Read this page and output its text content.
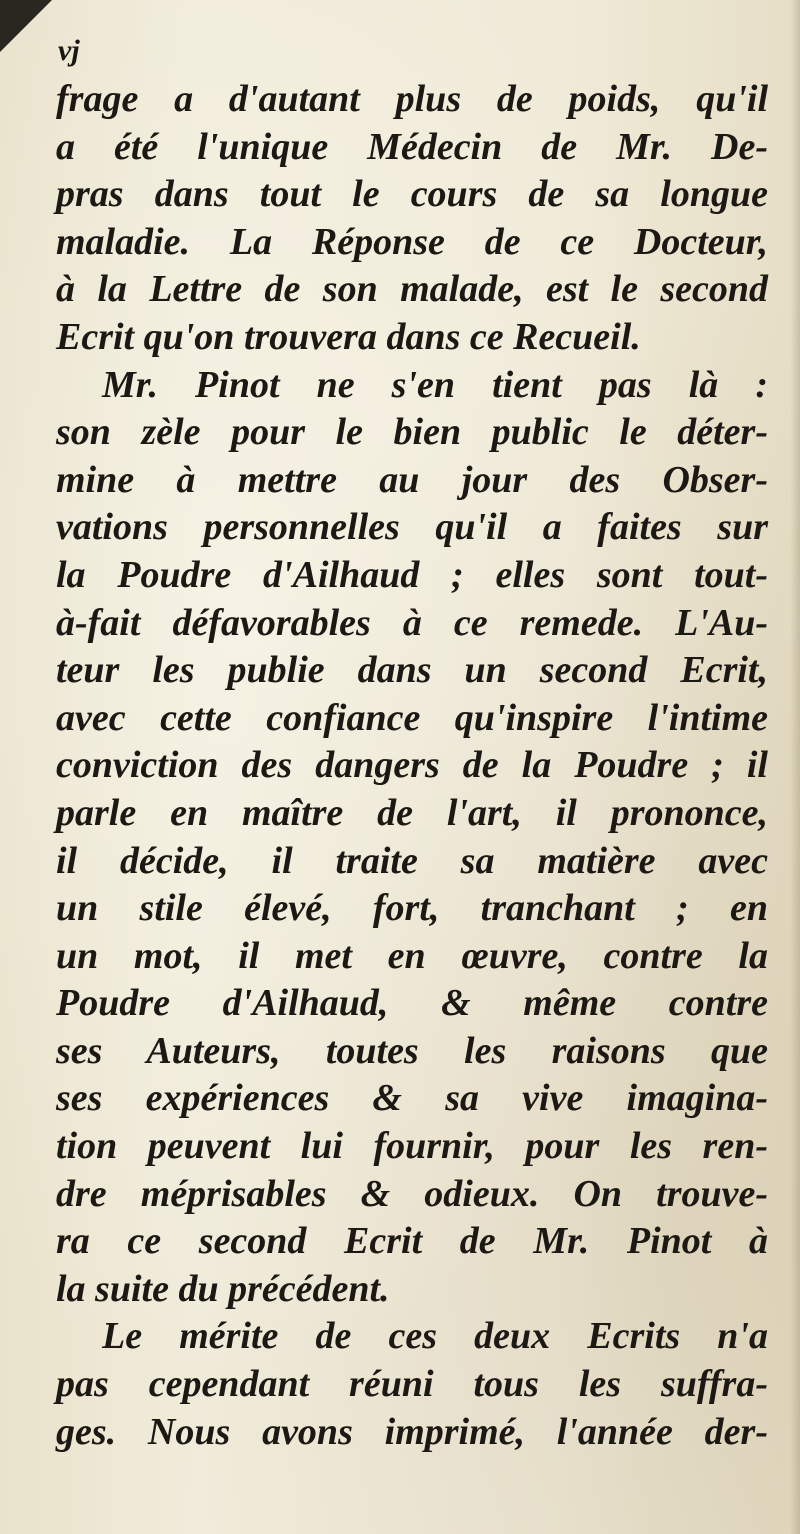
vj
frage a d'autant plus de poids, qu'il
a été l'unique Médecin de Mr. De-
pras dans tout le cours de sa longue
maladie. La Réponse de ce Docteur,
à la Lettre de son malade, est le second
Ecrit qu'on trouvera dans ce Recueil.
Mr. Pinot ne s'en tient pas là :
son zèle pour le bien public le déter-
mine à mettre au jour des Obser-
vations personnelles qu'il a faites sur
la Poudre d'Ailhaud ; elles sont tout-
à-fait défavorables à ce remede. L'Au-
teur les publie dans un second Ecrit,
avec cette confiance qu'inspire l'intime
conviction des dangers de la Poudre ; il
parle en maître de l'art, il prononce,
il décide, il traite sa matière avec
un stile élevé, fort, tranchant ; en
un mot, il met en œuvre, contre la
Poudre d'Ailhaud, & même contre
ses Auteurs, toutes les raisons que
ses expériences & sa vive imagina-
tion peuvent lui fournir, pour les ren-
dre méprisables & odieux. On trouve-
ra ce second Ecrit de Mr. Pinot à
la suite du précédent.
Le mérite de ces deux Ecrits n'a
pas cependant réuni tous les suffra-
ges. Nous avons imprimé, l'année der-
